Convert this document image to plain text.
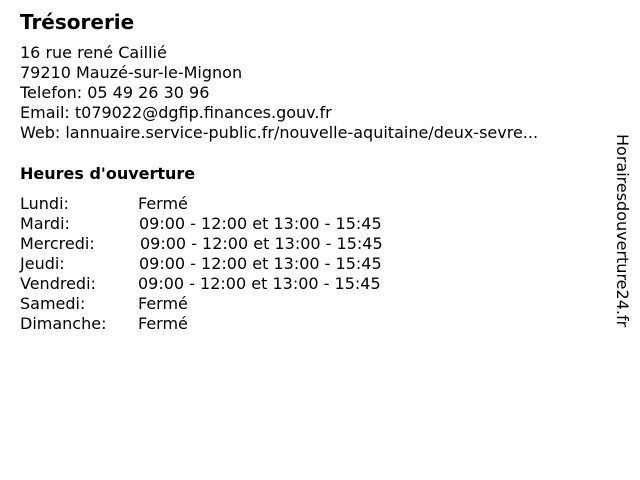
Trésorerie
16 rue rené Caillié
79210 Mauzé-sur-le-Mignon
Telefon: 05 49 26 30 96
Email: t079022@dgfip.finances.gouv.fr
Web: lannuaire.service-public.fr/nouvelle-aquitaine/deux-sevre...
Heures d'ouverture
Lundi:	Fermé
Mardi:	09:00 - 12:00 et 13:00 - 15:45
Mercredi:	09:00 - 12:00 et 13:00 - 15:45
Jeudi:	09:00 - 12:00 et 13:00 - 15:45
Vendredi:	09:00 - 12:00 et 13:00 - 15:45
Samedi:	Fermé
Dimanche: Fermé	Horairesdouverture24.fr
